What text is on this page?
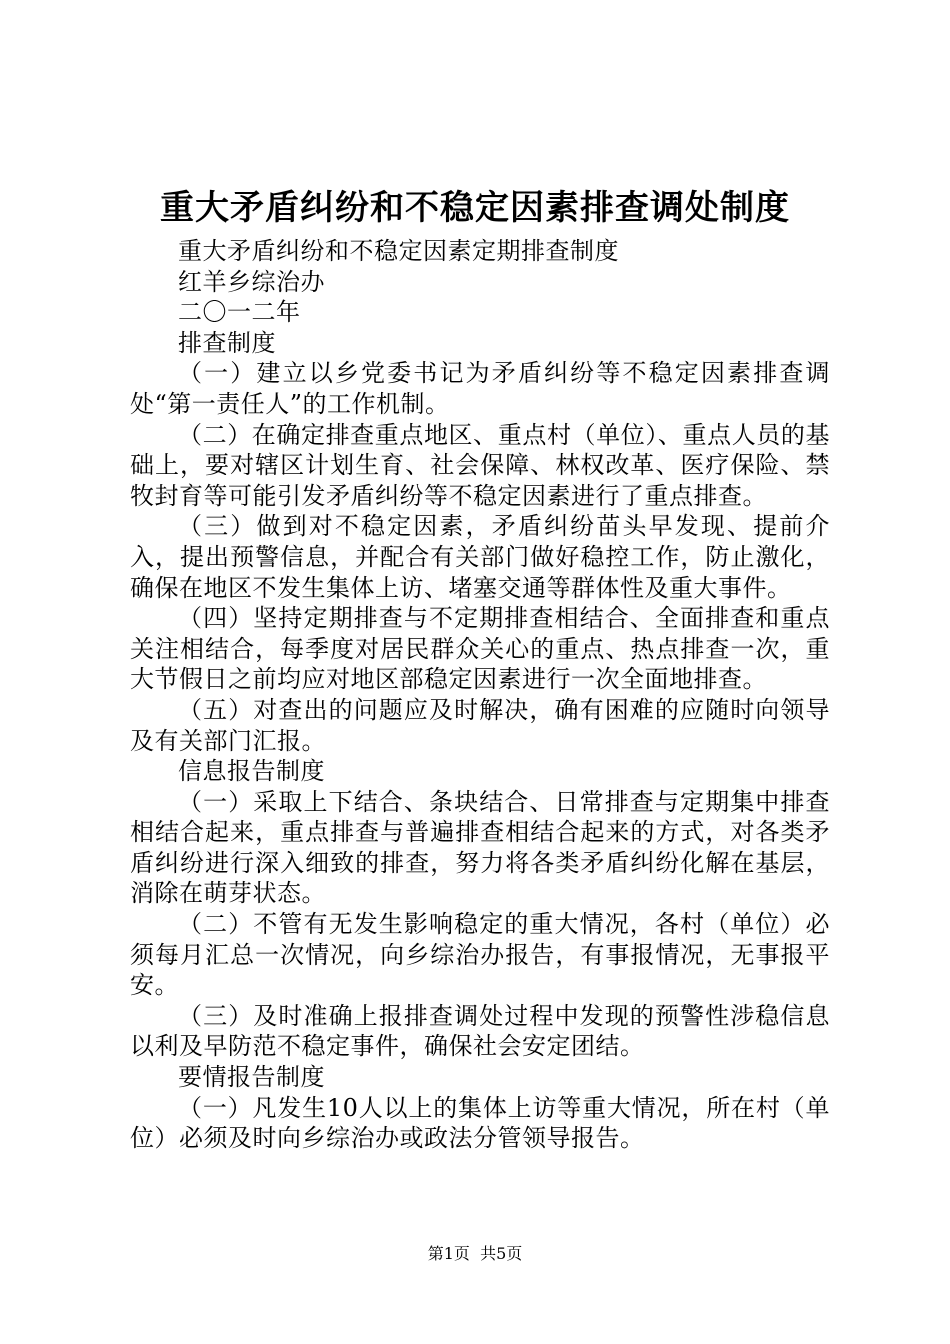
重大矛盾纠纷和不稳定因素排查调处制度

重大矛盾纠纷和不稳定因素定期排查制度

红羊乡综治办

二〇一二年

排查制度

（一）建立以乡党委书记为矛盾纠纷等不稳定因素排查调处“第一责任人”的工作机制。

（二）在确定排查重点地区、重点村（单位）、重点人员的基础上，要对辖区计划生育、社会保障、林权改革、医疗保险、禁牧封育等可能引发矛盾纠纷等不稳定因素进行了重点排查。

（三）做到对不稳定因素，矛盾纠纷苗头早发现、提前介入，提出预警信息，并配合有关部门做好稳控工作，防止激化，确保在地区不发生集体上访、堵塞交通等群体性及重大事件。

（四）坚持定期排查与不定期排查相结合、全面排查和重点关注相结合，每季度对居民群众关心的重点、热点排查一次，重大节假日之前均应对地区部稳定因素进行一次全面地排查。

（五）对查出的问题应及时解决，确有困难的应随时向领导及有关部门汇报。

信息报告制度

（一）采取上下结合、条块结合、日常排查与定期集中排查相结合起来，重点排查与普遍排查相结合起来的方式，对各类矛盾纠纷进行深入细致的排查，努力将各类矛盾纠纷化解在基层，消除在萌芽状态。

（二）不管有无发生影响稳定的重大情况，各村（单位）必须每月汇总一次情况，向乡综治办报告，有事报情况，无事报平安。

（三）及时准确上报排查调处过程中发现的预警性涉稳信息以利及早防范不稳定事件，确保社会安定团结。

要情报告制度

（一）凡发生10人以上的集体上访等重大情况，所在村（单位）必须及时向乡综治办或政法分管领导报告。

第1页  共5页
